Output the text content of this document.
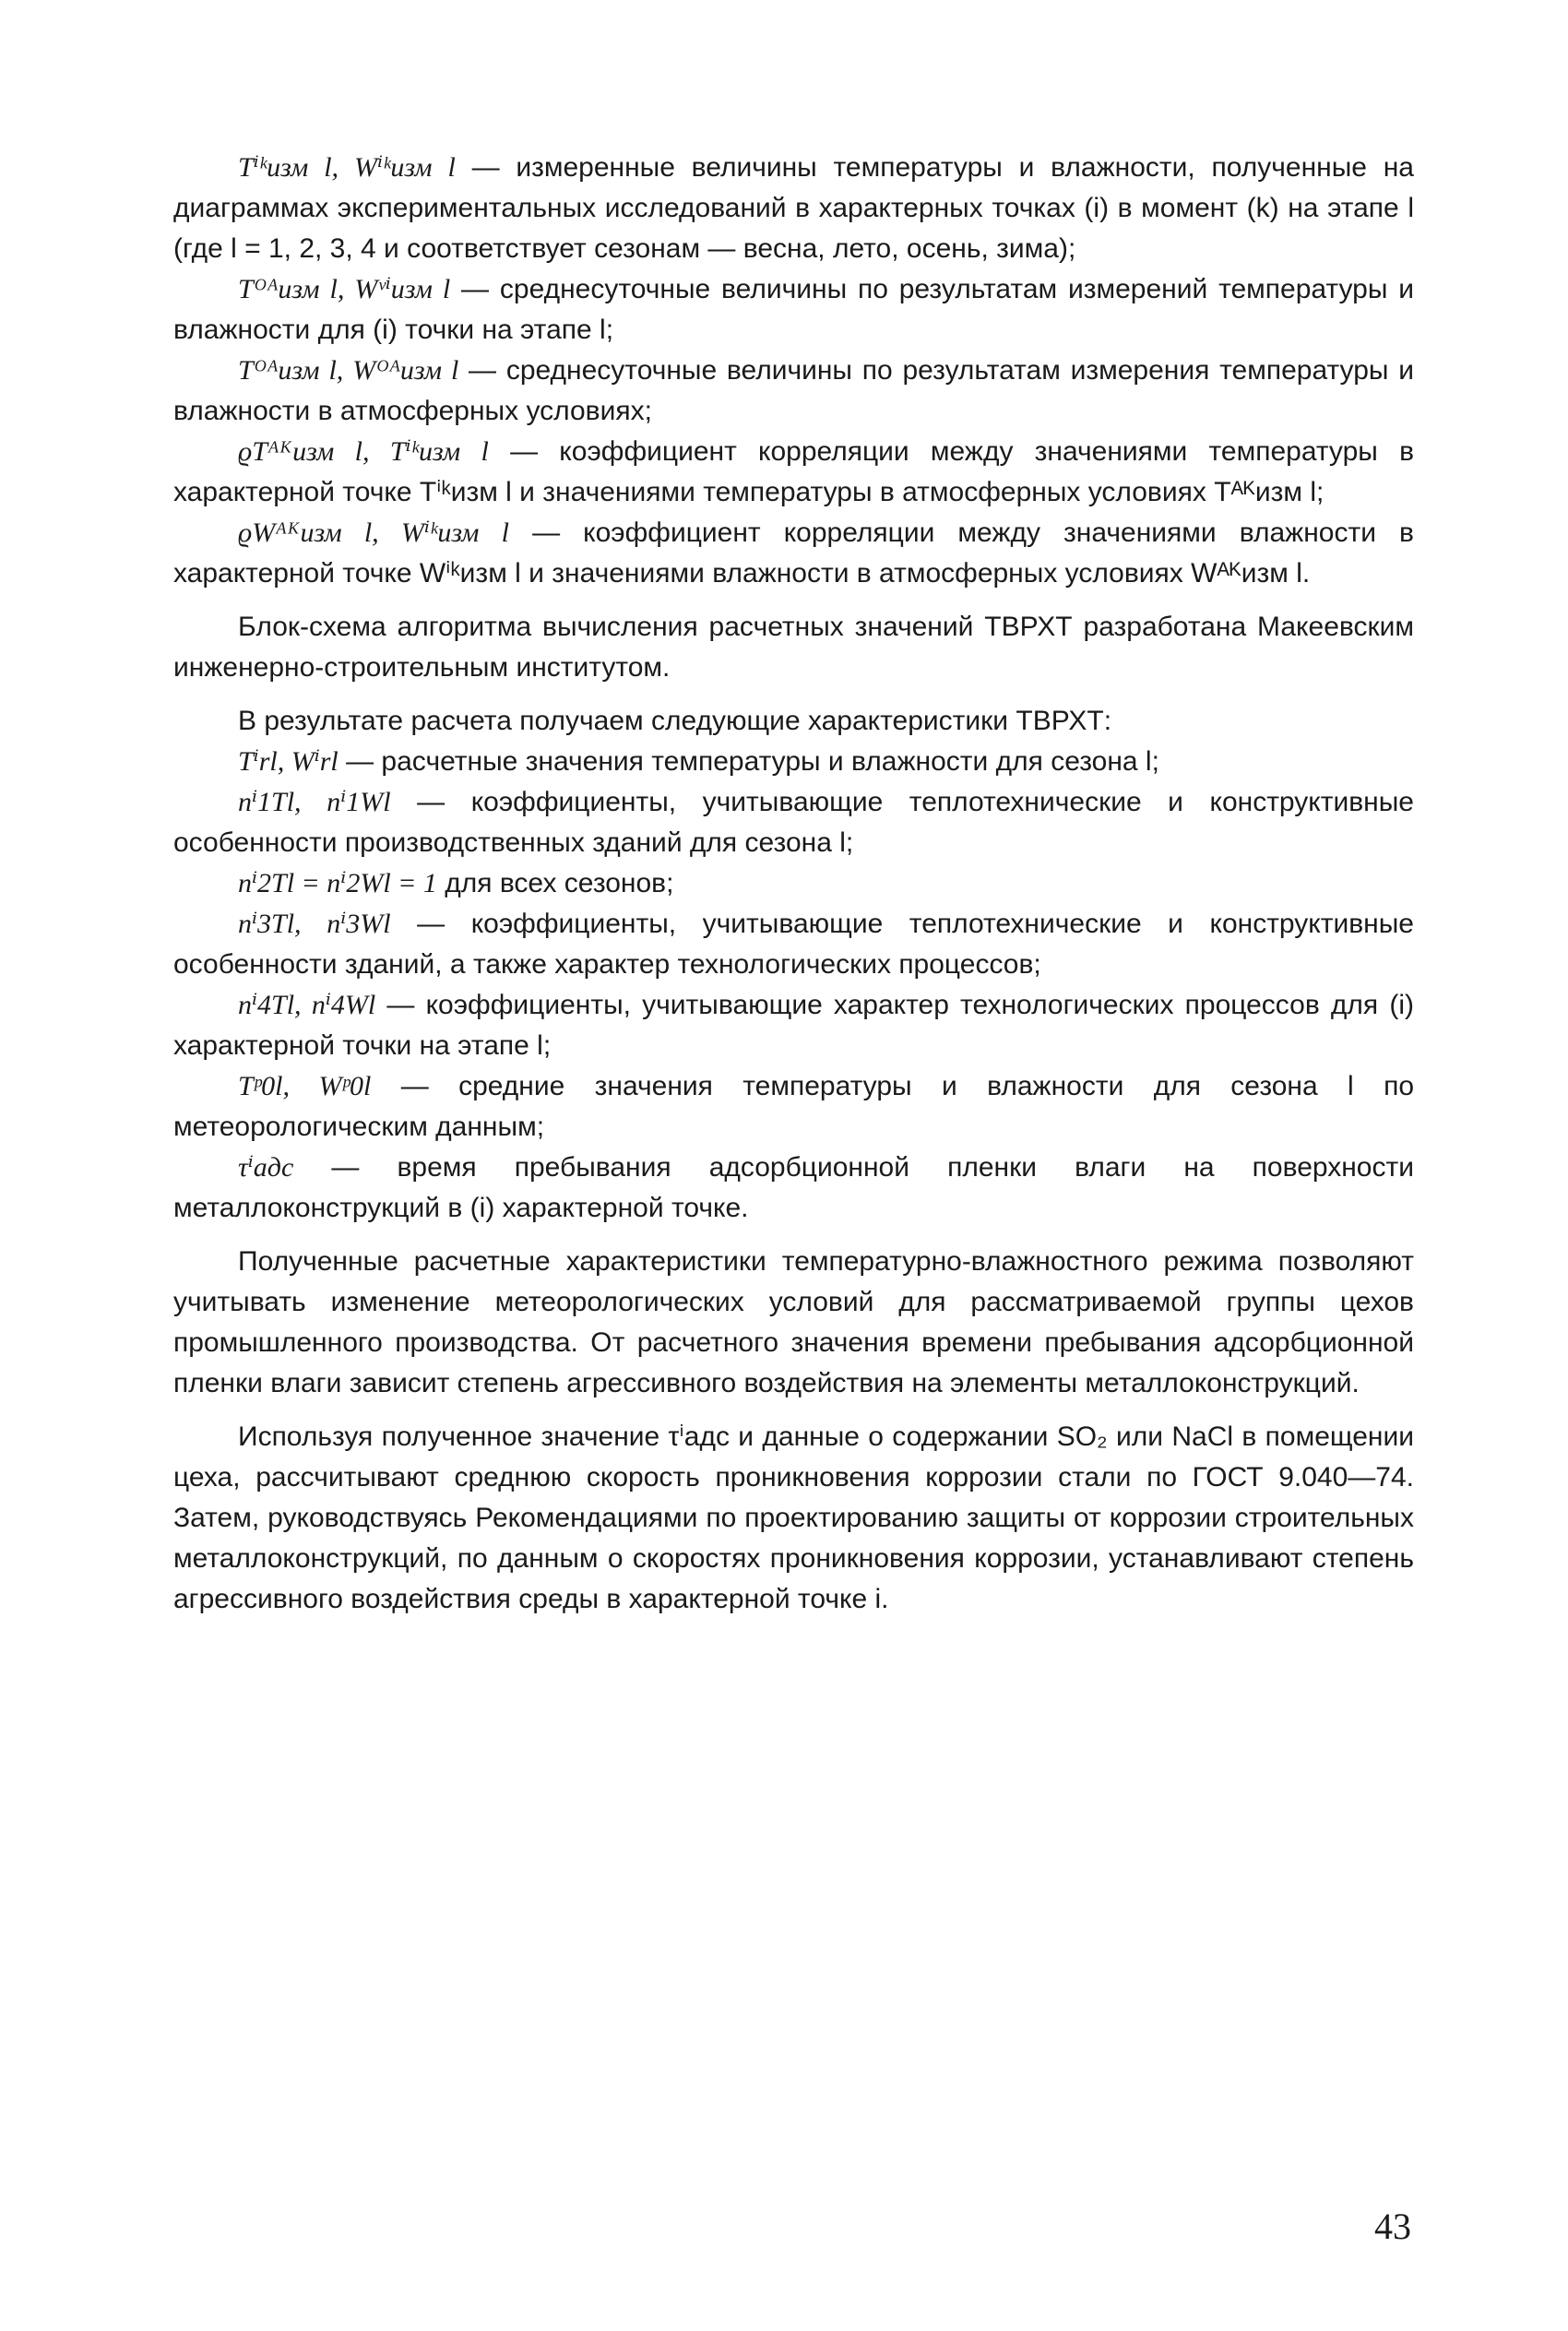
Tⁱᵏизм l, Wⁱᵏизм l — измеренные величины температуры и влажности, полученные на диаграммах экспериментальных исследований в характерных точках (i) в момент (k) на этапе l (где l = 1, 2, 3, 4 и соответствует сезонам — весна, лето, осень, зима);

Tᴼᴬизм l, Wᵛⁱизм l — среднесуточные величины по результатам измерений температуры и влажности для (i) точки на этапе l;

Tᴼᴬизм l, Wᴼᴬизм l — среднесуточные величины по результатам измерения температуры и влажности в атмосферных условиях;

ϱTᴬᴷизм l, Tⁱᵏизм l — коэффициент корреляции между значениями температуры в характерной точке Tⁱᵏизм l и значениями температуры в атмосферных условиях Tᴬᴷизм l;

ϱWᴬᴷизм l, Wⁱᵏизм l — коэффициент корреляции между значениями влажности в характерной точке Wⁱᵏизм l и значениями влажности в атмосферных условиях Wᴬᴷизм l.

Блок-схема алгоритма вычисления расчетных значений ТВРХТ разработана Макеевским инженерно-строительным институтом.

В результате расчета получаем следующие характеристики ТВРХТ:

Tⁱrl, Wⁱrl — расчетные значения температуры и влажности для сезона l;

nⁱ1Tl, nⁱ1Wl — коэффициенты, учитывающие теплотехнические и конструктивные особенности производственных зданий для сезона l;

nⁱ2Tl = nⁱ2Wl = 1 для всех сезонов;

nⁱ3Tl, nⁱ3Wl — коэффициенты, учитывающие теплотехнические и конструктивные особенности зданий, а также характер технологических процессов;

nⁱ4Tl, nⁱ4Wl — коэффициенты, учитывающие характер технологических процессов для (i) характерной точки на этапе l;

Tᵖ0l, Wᵖ0l — средние значения температуры и влажности для сезона l по метеорологическим данным;

τⁱадс — время пребывания адсорбционной пленки влаги на поверхности металлоконструкций в (i) характерной точке.

Полученные расчетные характеристики температурно-влажностного режима позволяют учитывать изменение метеорологических условий для рассматриваемой группы цехов промышленного производства. От расчетного значения времени пребывания адсорбционной пленки влаги зависит степень агрессивного воздействия на элементы металлоконструкций.

Используя полученное значение τⁱадс и данные о содержании SO₂ или NaCl в помещении цеха, рассчитывают среднюю скорость проникновения коррозии стали по ГОСТ 9.040—74. Затем, руководствуясь Рекомендациями по проектированию защиты от коррозии строительных металлоконструкций, по данным о скоростях проникновения коррозии, устанавливают степень агрессивного воздействия среды в характерной точке i.

43
